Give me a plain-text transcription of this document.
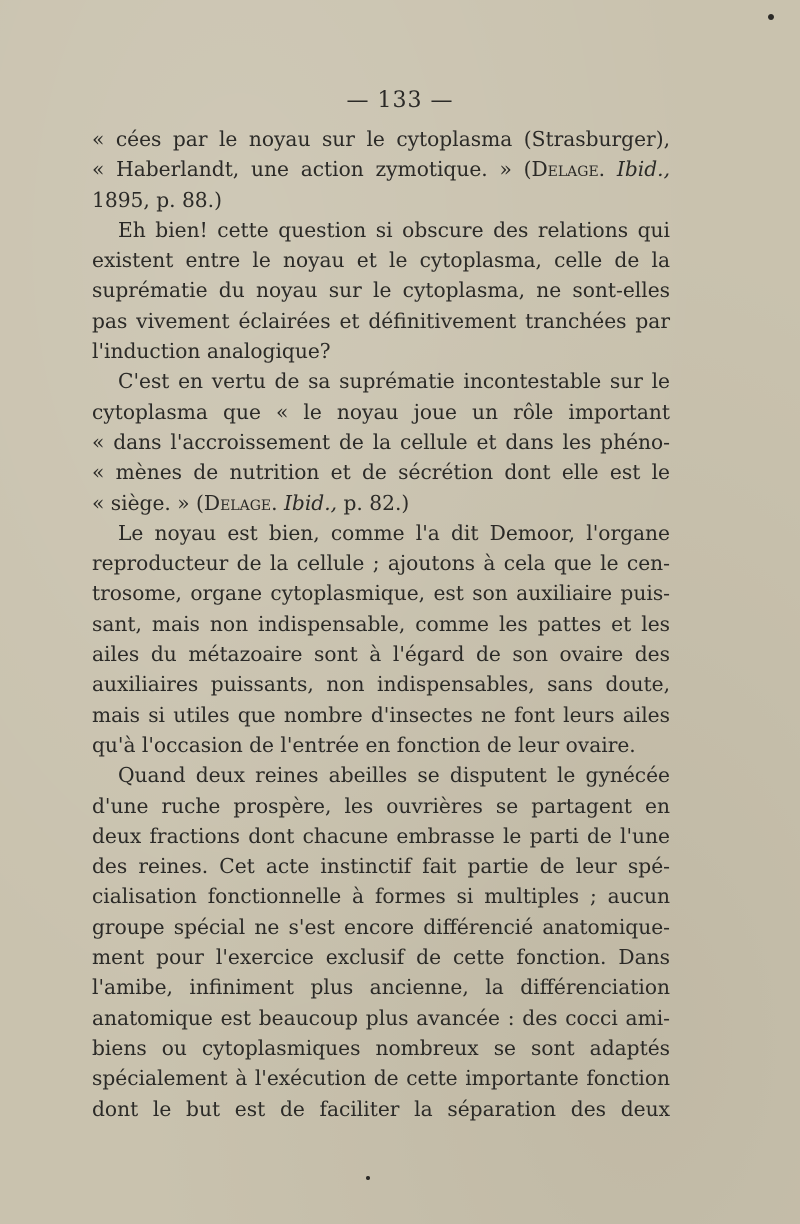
— 133 —
« cées par le noyau sur le cytoplasma (Strasburger),
« Haberlandt, une action zymotique. » (Delage. Ibid.,
1895, p. 88.)
Eh bien! cette question si obscure des relations qui
existent entre le noyau et le cytoplasma, celle de la
suprématie du noyau sur le cytoplasma, ne sont-elles
pas vivement éclairées et définitivement tranchées par
l'induction analogique?
C'est en vertu de sa suprématie incontestable sur le
cytoplasma que « le noyau joue un rôle important
« dans l'accroissement de la cellule et dans les phéno-
« mènes de nutrition et de sécrétion dont elle est le
« siège. » (Delage. Ibid., p. 82.)
Le noyau est bien, comme l'a dit Demoor, l'organe
reproducteur de la cellule ; ajoutons à cela que le cen-
trosome, organe cytoplasmique, est son auxiliaire puis-
sant, mais non indispensable, comme les pattes et les
ailes du métazoaire sont à l'égard de son ovaire des
auxiliaires puissants, non indispensables, sans doute,
mais si utiles que nombre d'insectes ne font leurs ailes
qu'à l'occasion de l'entrée en fonction de leur ovaire.
Quand deux reines abeilles se disputent le gynécée
d'une ruche prospère, les ouvrières se partagent en
deux fractions dont chacune embrasse le parti de l'une
des reines. Cet acte instinctif fait partie de leur spé-
cialisation fonctionnelle à formes si multiples ; aucun
groupe spécial ne s'est encore différencié anatomique-
ment pour l'exercice exclusif de cette fonction. Dans
l'amibe, infiniment plus ancienne, la différenciation
anatomique est beaucoup plus avancée : des cocci ami-
biens ou cytoplasmiques nombreux se sont adaptés
spécialement à l'exécution de cette importante fonction
dont le but est de faciliter la séparation des deux
